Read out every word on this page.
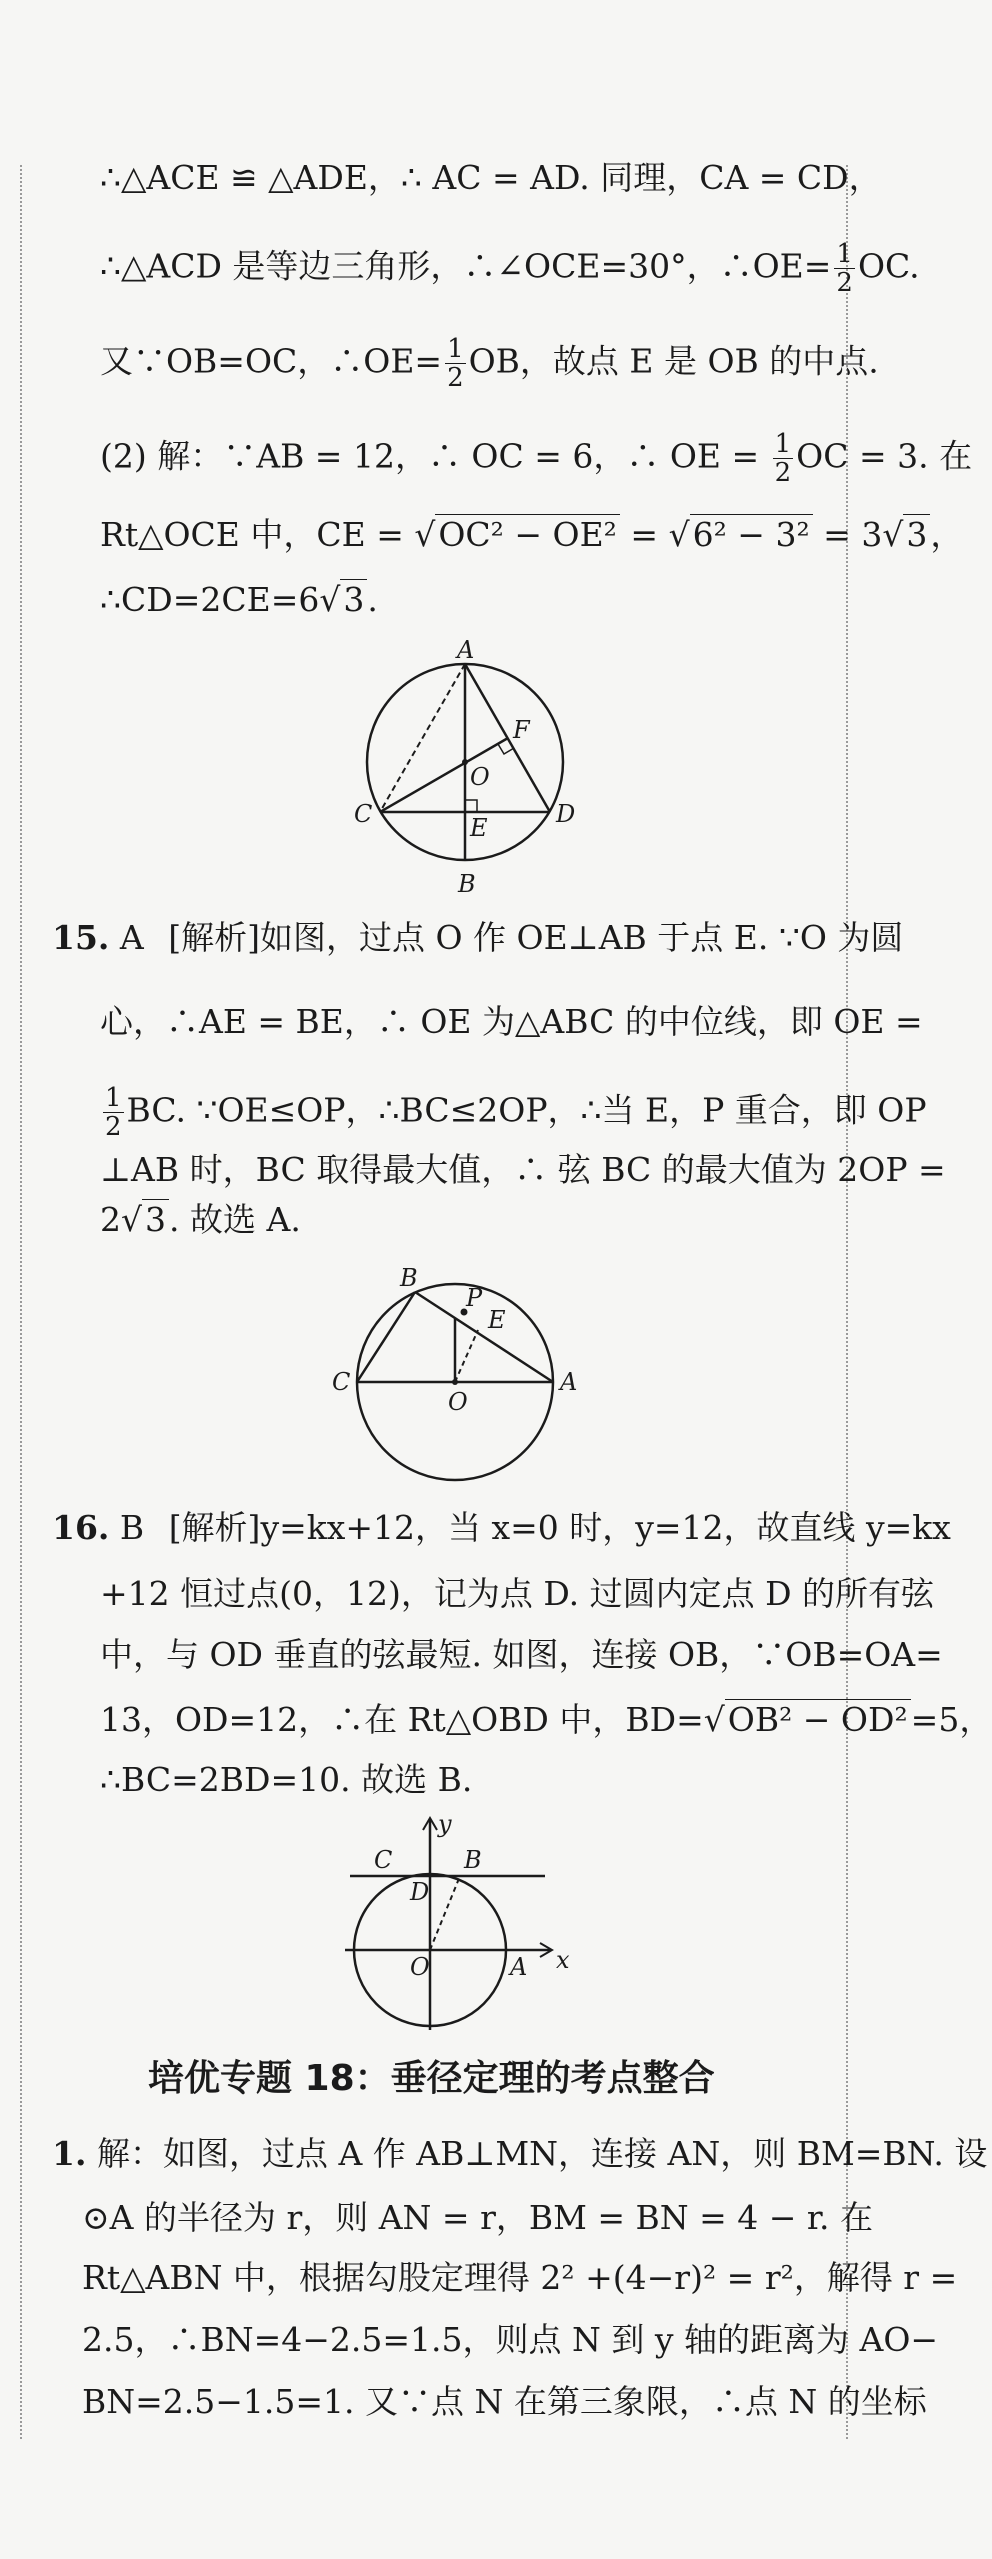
∴△ACE ≌ △ADE，∴ AC = AD. 同理，CA = CD，
∴△ACD 是等边三角形，∴∠OCE=30°，∴OE= $\frac{1}{2}$ OC.
又∵OB=OC，∴OE= $\frac{1}{2}$ OB，故点 E 是 OB 的中点.
(2) 解：∵AB = 12，∴ OC = 6，∴ OE = $\frac{1}{2}$ OC = 3. 在
Rt△OCE 中，CE = √OC² − OE² = √6² − 3² = 3√3，
∴CD=2CE=6√3.
A
B
C	D
E
F
O
15. A [解析]如图，过点 O 作 OE⊥AB 于点 E. ∵O 为圆
心，∴AE = BE，∴ OE 为△ABC 的中位线，即 OE =
$\frac{1}{2}$ BC. ∵OE≤OP，∴BC≤2OP，∴当 E，P 重合，即 OP
⊥AB 时，BC 取得最大值，∴ 弦 BC 的最大值为 2OP =
2√3. 故选 A.
B
P
E
C	A
O
16. B [解析]y=kx+12，当 x=0 时，y=12，故直线 y=kx
+12 恒过点(0，12)，记为点 D. 过圆内定点 D 的所有弦
中，与 OD 垂直的弦最短. 如图，连接 OB，∵OB=OA=
13，OD=12，∴在 Rt△OBD 中，BD=√OB² − OD²=5，
∴BC=2BD=10. 故选 B.
y
C	B
D
O	A x
培优专题 18：垂径定理的考点整合
1. 解：如图，过点 A 作 AB⊥MN，连接 AN，则 BM=BN. 设
⊙A 的半径为 r，则 AN = r，BM = BN = 4 − r. 在
Rt△ABN 中，根据勾股定理得 2² +(4−r)² = r²，解得 r =
2.5，∴BN=4−2.5=1.5，则点 N 到 y 轴的距离为 AO−
BN=2.5−1.5=1. 又∵点 N 在第三象限，∴点 N 的坐标
